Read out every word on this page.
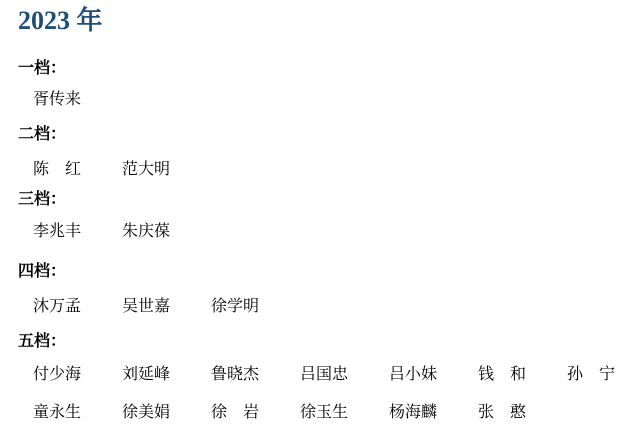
2023 年
一档：

胥传来

二档：

陈　红	范大明

三档：

李兆丰	朱庆葆

四档：

沐万孟	吴世嘉	徐学明

五档：

付少海	刘延峰	鲁晓杰	吕国忠	吕小妹	钱　和	孙　宁

童永生	徐美娟	徐　岩	徐玉生	杨海麟	张　憨
